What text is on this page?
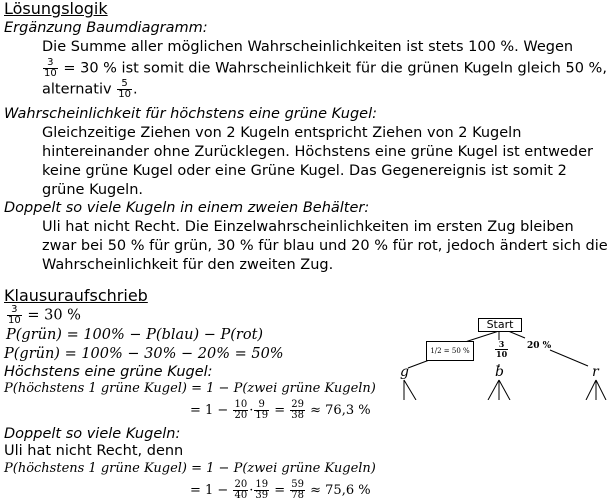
Lösungslogik
Ergänzung Baumdiagramm:
Die Summe aller möglichen Wahrscheinlichkeiten ist stets 100 %. Wegen
$\frac{3}{10} = 30$ % ist somit die Wahrscheinlichkeit für die grünen Kugeln gleich 50 %,
alternativ $\frac{5}{10}$ .
Wahrscheinlichkeit für höchstens eine grüne Kugel:
Gleichzeitige Ziehen von 2 Kugeln entspricht Ziehen von 2 Kugeln
hintereinander ohne Zurücklegen. Höchstens eine grüne Kugel ist entweder
keine grüne Kugel oder eine Grüne Kugel. Das Gegenereignis ist somit 2
grüne Kugeln.
Doppelt so viele Kugeln in einem zweien Behälter:
Uli hat nicht Recht. Die Einzelwahrscheinlichkeiten im ersten Zug bleiben
zwar bei 50 % für grün, 30 % für blau und 20 % für rot, jedoch ändert sich die
Wahrscheinlichkeit für den zweiten Zug.
Klausuraufschrieb
$\frac{3}{10} = 30$ %
P(grün) = 100% − P(blau) − P(rot)
P(grün) = 100% − 30% − 20% = 50%
Höchstens eine grüne Kugel:
P(höchstens 1 grüne Kugel) = 1 − P(zwei grüne Kugeln)
= $1 - \frac{10}{20} \cdot \frac{9}{19} = \frac{29}{38} \approx 76,3$ %
Doppelt so viele Kugeln:
Uli hat nicht Recht, denn
P(höchstens 1 grüne Kugel) = 1 − P(zwei grüne Kugeln)
= $1 - \frac{20}{40} \cdot \frac{19}{39} = \frac{59}{78} \approx 75,6$ %
Start
1/2 = 50 %	$\frac{3}{10} 20$ %
g	b	r
